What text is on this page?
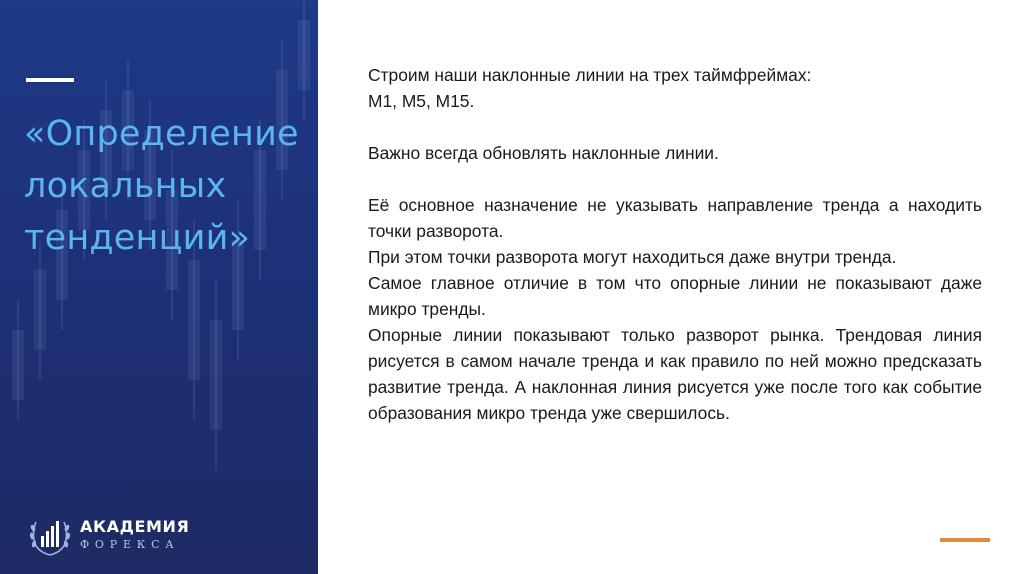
«Определение локальных тенденций»
АКАДЕМИЯ
ФОРЕКСА

Строим наши наклонные линии на трех таймфреймах:

M1, M5, M15.

Важно всегда обновлять наклонные линии.

Её основное назначение не указывать направление тренда а находить точки разворота.

При этом точки разворота могут находиться даже внутри тренда.

Самое главное отличие в том что опорные линии не показывают даже микро тренды.

Опорные линии показывают только разворот рынка. Трендовая линия рисуется в самом начале тренда и как правило по ней можно предсказать развитие тренда. А наклонная линия рисуется уже после того как событие образования микро тренда уже свершилось.
